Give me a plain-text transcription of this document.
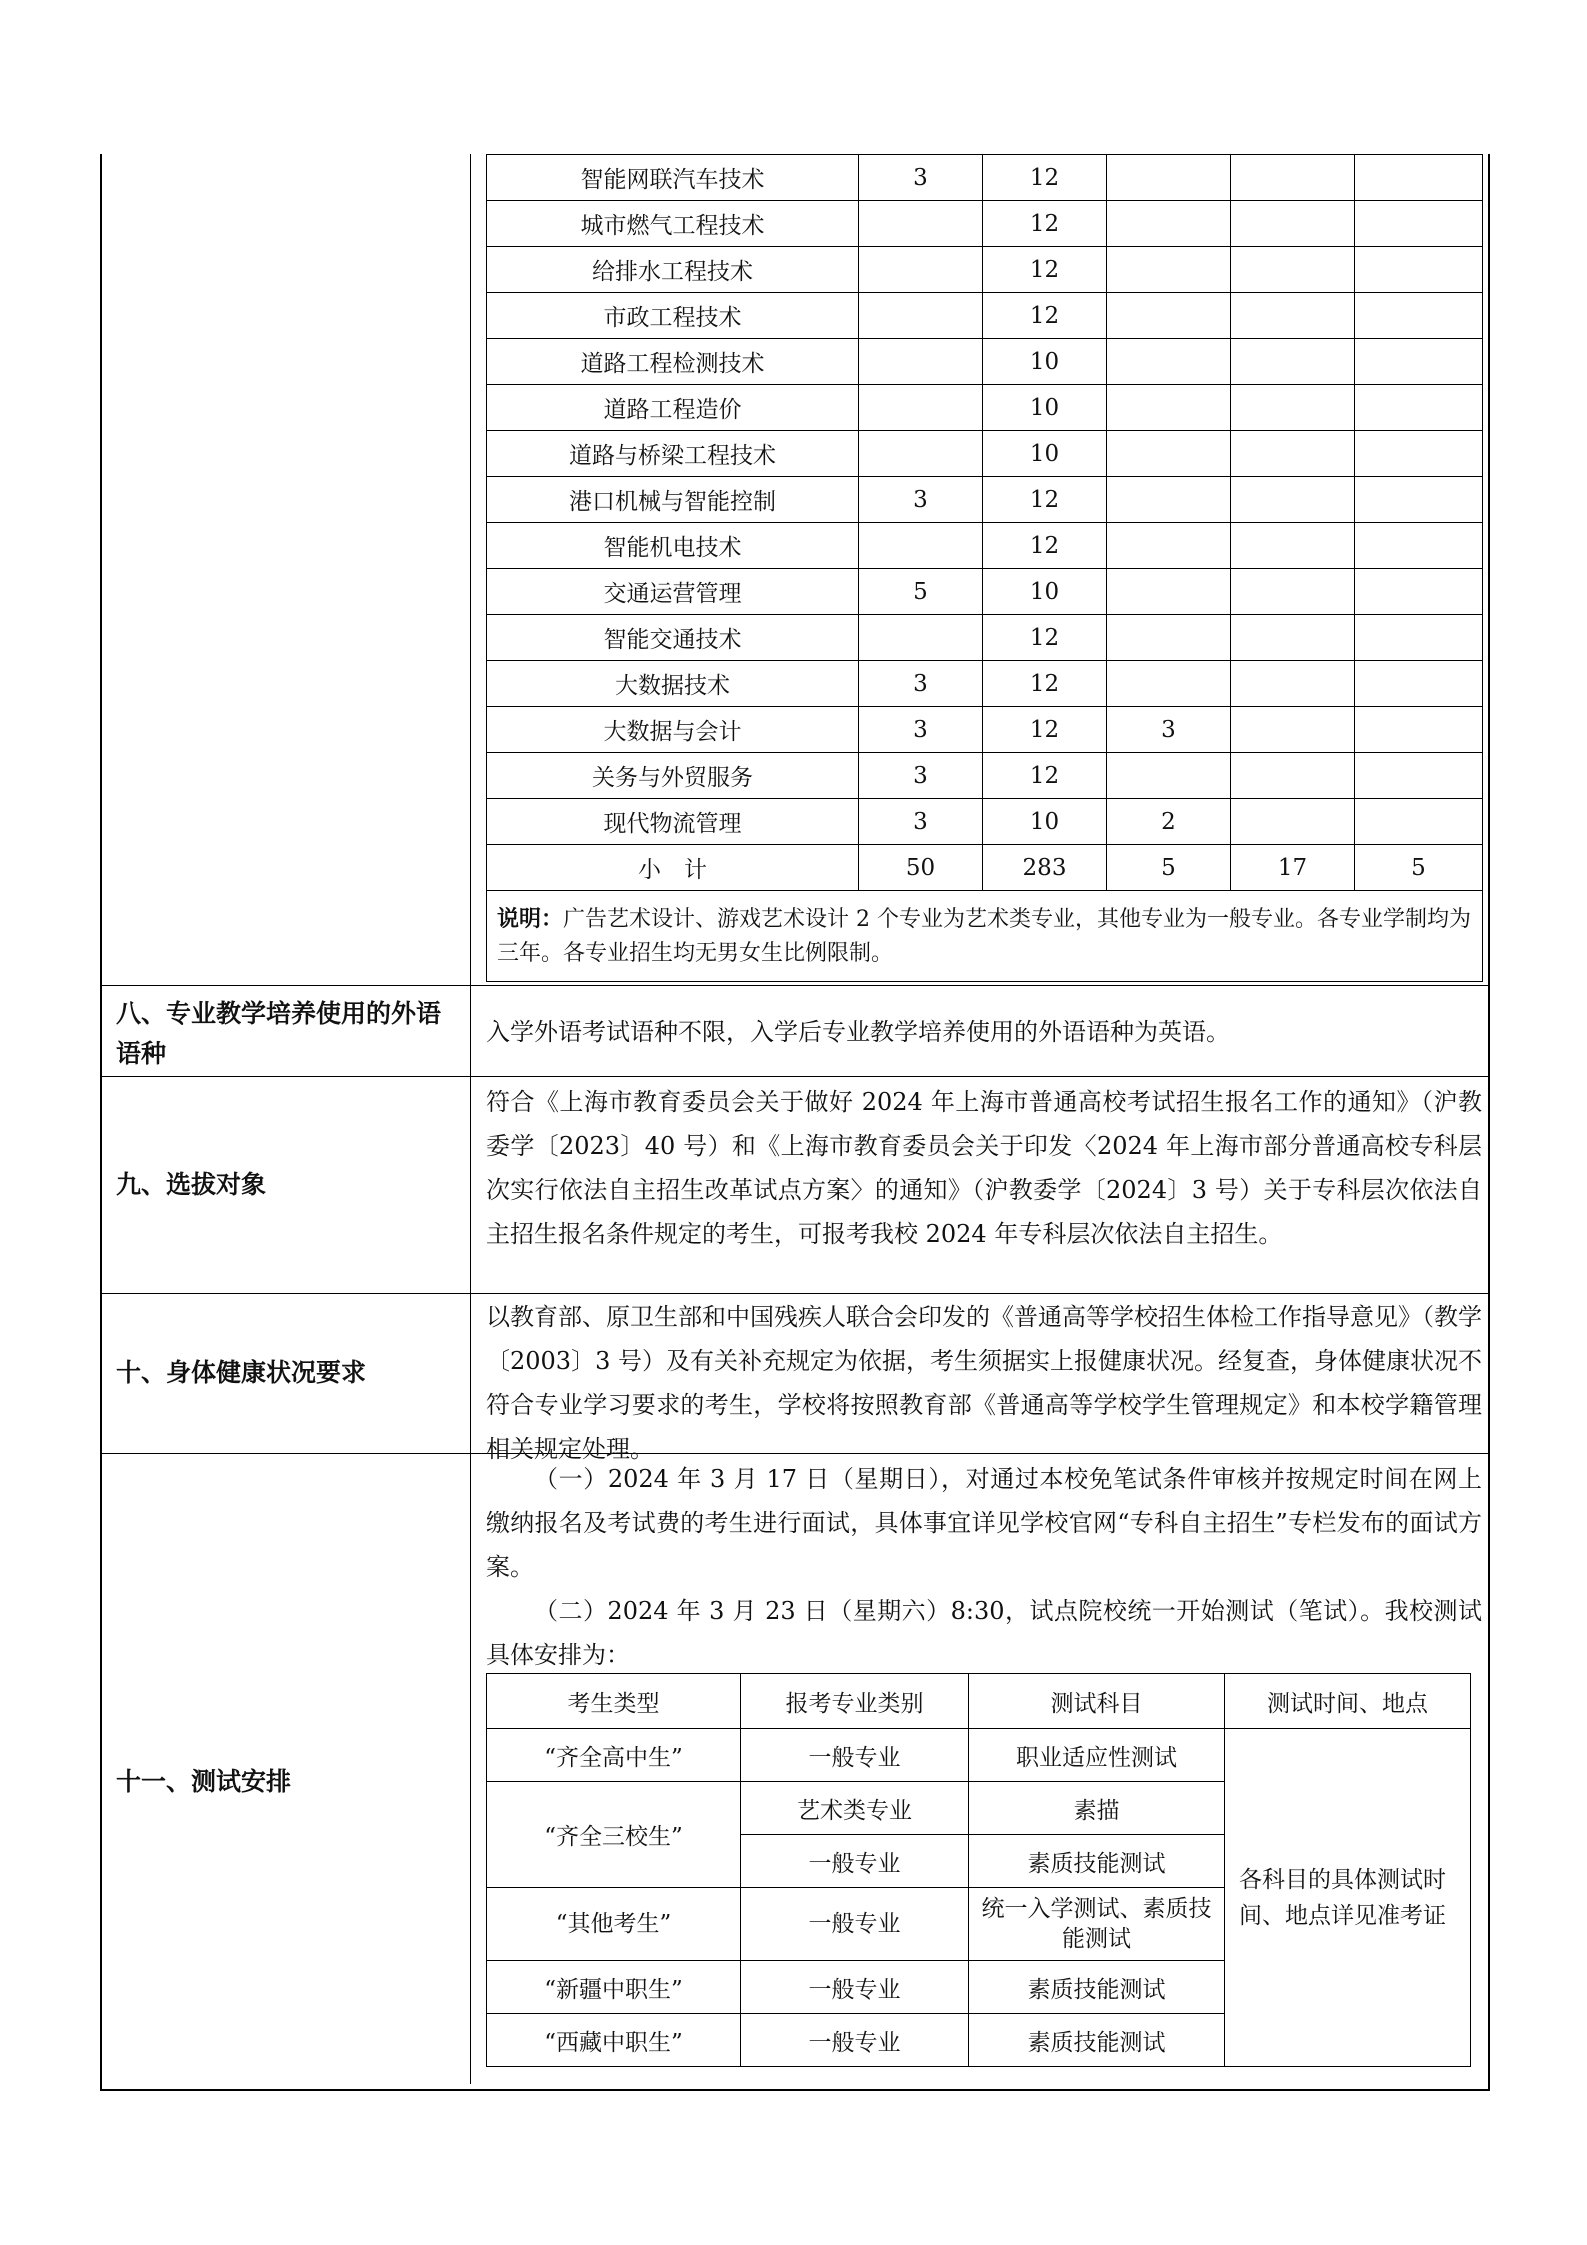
智能网联汽车技术	3	12			
城市燃气工程技术		12			
给排水工程技术		12			
市政工程技术		12			
道路工程检测技术		10			
道路工程造价		10			
道路与桥梁工程技术		10			
港口机械与智能控制	3	12			
智能机电技术		12			
交通运营管理	5	10			
智能交通技术		12			
大数据技术	3	12			
大数据与会计	3	12	3		
关务与外贸服务	3	12			
现代物流管理	3	10	2		
小　计	50	283	5	17	5
说明：广告艺术设计、游戏艺术设计 2 个专业为艺术类专业，其他专业为一般专业。各专业学制均为三年。各专业招生均无男女生比例限制。					
八、专业教学培养使用的外语语种
入学外语考试语种不限，入学后专业教学培养使用的外语语种为英语。
九、选拔对象
符合《上海市教育委员会关于做好 2024 年上海市普通高校考试招生报名工作的通知》（沪教委学〔2023〕40 号）和《上海市教育委员会关于印发〈2024 年上海市部分普通高校专科层次实行依法自主招生改革试点方案〉的通知》（沪教委学〔2024〕3 号）关于专科层次依法自主招生报名条件规定的考生，可报考我校 2024 年专科层次依法自主招生。
十、身体健康状况要求
以教育部、原卫生部和中国残疾人联合会印发的《普通高等学校招生体检工作指导意见》（教学〔2003〕3 号）及有关补充规定为依据，考生须据实上报健康状况。经复查，身体健康状况不符合专业学习要求的考生，学校将按照教育部《普通高等学校学生管理规定》和本校学籍管理相关规定处理。
十一、测试安排
（一）2024 年 3 月 17 日（星期日），对通过本校免笔试条件审核并按规定时间在网上缴纳报名及考试费的考生进行面试，具体事宜详见学校官网“专科自主招生”专栏发布的面试方案。
（二）2024 年 3 月 23 日（星期六）8:30，试点院校统一开始测试（笔试）。我校测试具体安排为：
考生类型	报考专业类别	测试科目	测试时间、地点
“齐全高中生”	一般专业	职业适应性测试	各科目的具体测试时间、地点详见准考证
“齐全三校生”	艺术类专业	素描	
	一般专业	素质技能测试	
“其他考生”	一般专业	统一入学测试、素质技能测试	
“新疆中职生”	一般专业	素质技能测试	
“西藏中职生”	一般专业	素质技能测试	
